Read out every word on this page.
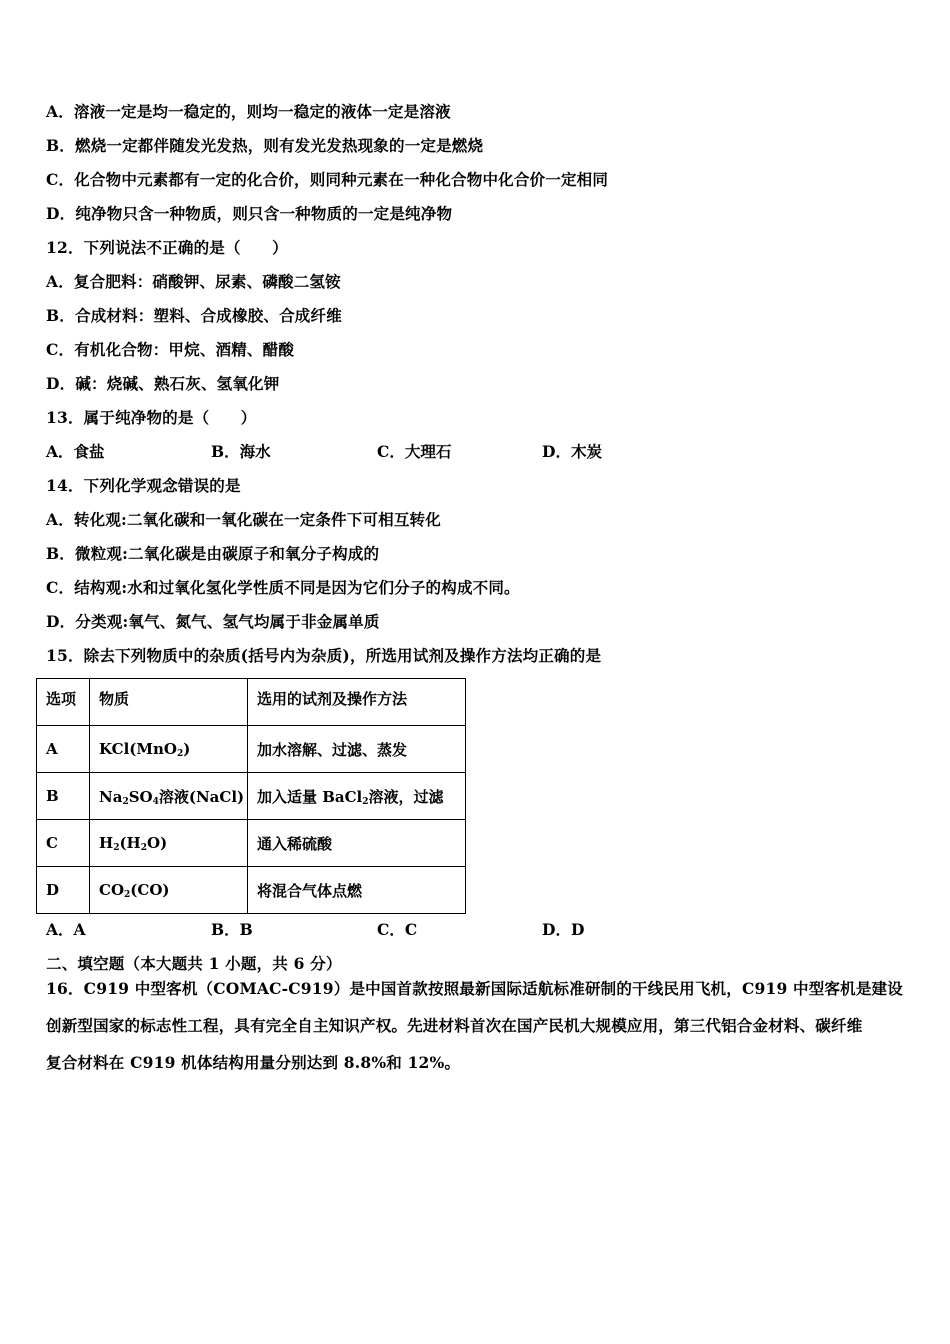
A．溶液一定是均一稳定的，则均一稳定的液体一定是溶液

B．燃烧一定都伴随发光发热，则有发光发热现象的一定是燃烧

C．化合物中元素都有一定的化合价，则同种元素在一种化合物中化合价一定相同

D．纯净物只含一种物质，则只含一种物质的一定是纯净物

12．下列说法不正确的是（　　）

A．复合肥料：硝酸钾、尿素、磷酸二氢铵

B．合成材料：塑料、合成橡胶、合成纤维

C．有机化合物：甲烷、酒精、醋酸

D．碱：烧碱、熟石灰、氢氧化钾

13．属于纯净物的是（　　）

A．食盐	B．海水	C．大理石	D．木炭

14．下列化学观念错误的是

A．转化观:二氧化碳和一氧化碳在一定条件下可相互转化

B．微粒观:二氧化碳是由碳原子和氧分子构成的

C．结构观:水和过氧化氢化学性质不同是因为它们分子的构成不同。

D．分类观:氧气、氮气、氢气均属于非金属单质

15．除去下列物质中的杂质(括号内为杂质)，所选用试剂及操作方法均正确的是

选项	物质	选用的试剂及操作方法
A	KCl(MnO$_2$)	加水溶解、过滤、蒸发
B	$Na_2SO_4$溶液(NaCl)	加入适量 BaCl$_2$溶液，过滤
C	$H_2(H_2O)$	通入稀硫酸
D	$CO_2(CO)$	将混合气体点燃
A．A	B．B	C．C	D．D

二、填空题（本大题共 1 小题，共 6 分）

16．C919 中型客机（COMAC-C919）是中国首款按照最新国际适航标准研制的干线民用飞机，C919 中型客机是建设

创新型国家的标志性工程，具有完全自主知识产权。先进材料首次在国产民机大规模应用，第三代铝合金材料、碳纤维

复合材料在 C919 机体结构用量分别达到 8.8%和 12%。
